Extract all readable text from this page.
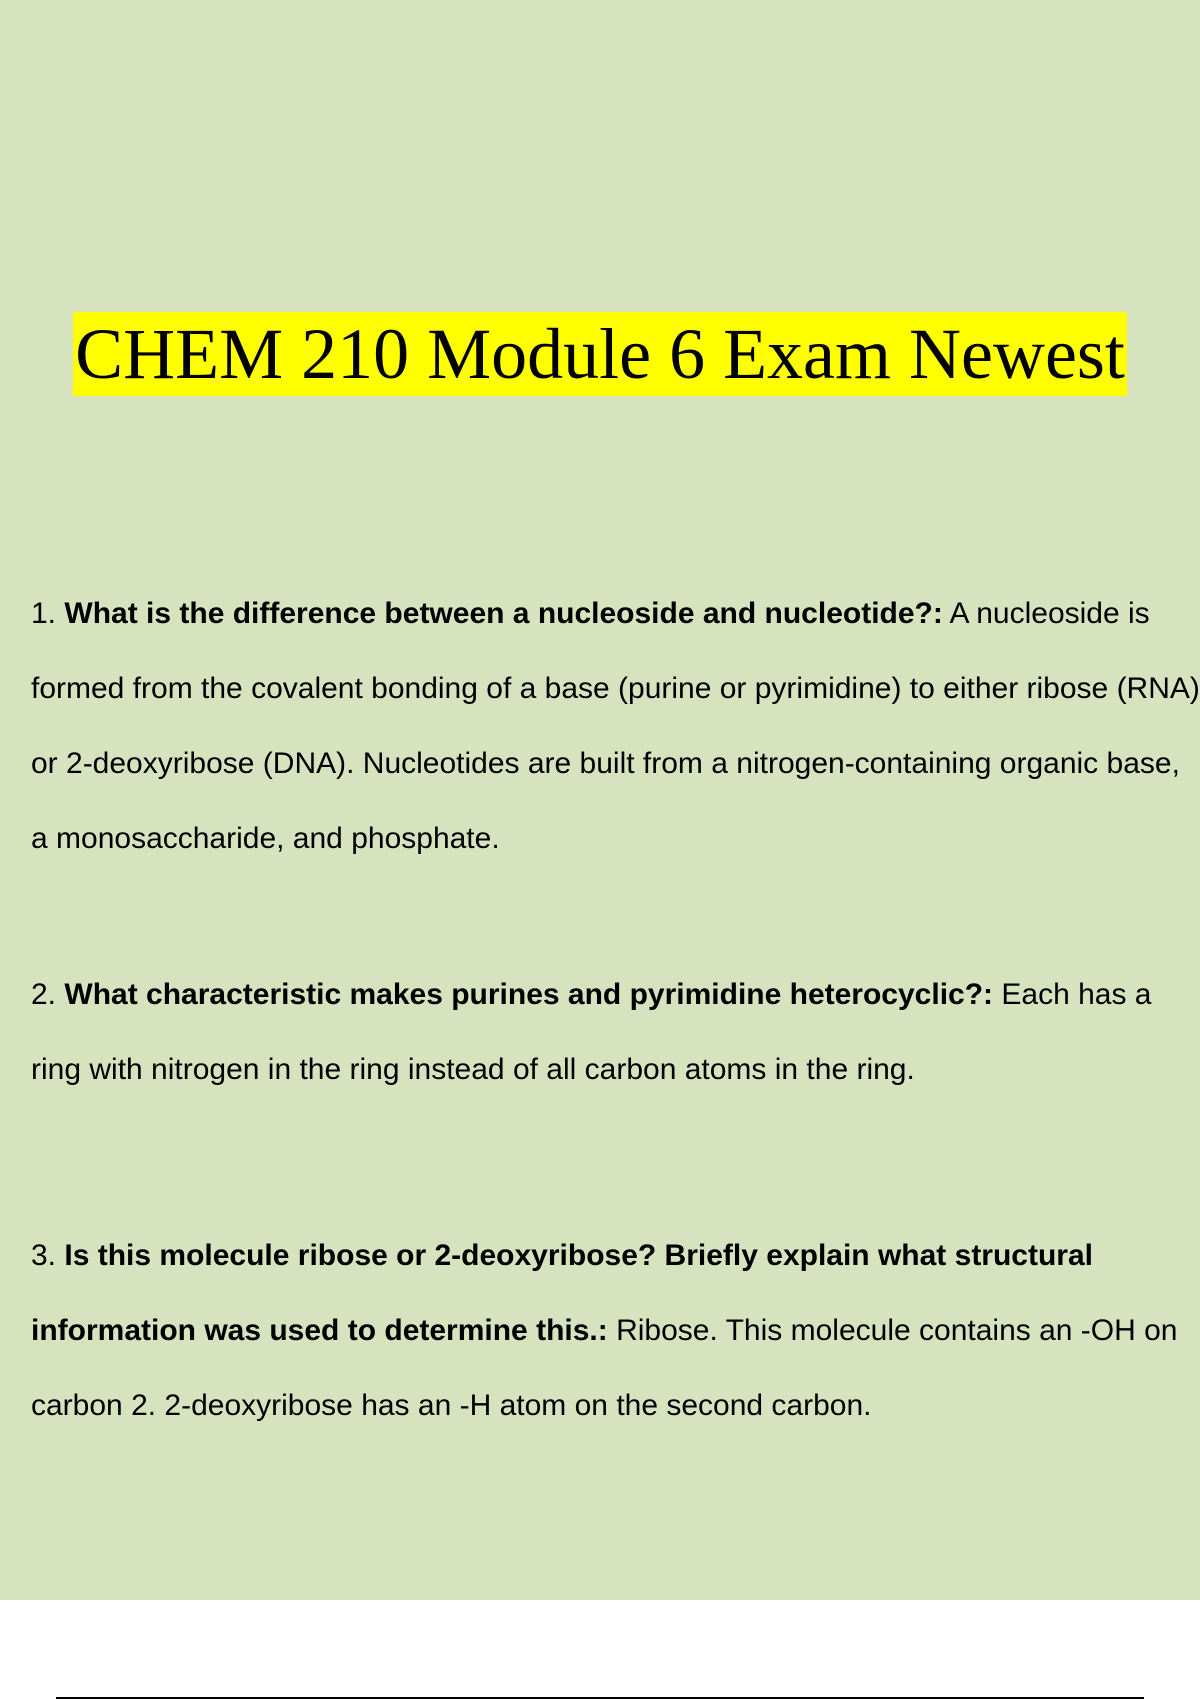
CHEM 210 Module 6 Exam Newest

1. What is the difference between a nucleoside and nucleotide?: A nucleoside is formed from the covalent bonding of a base (purine or pyrimidine) to either ribose (RNA) or 2-deoxyribose (DNA). Nucleotides are built from a nitrogen-containing organic base, a monosaccharide, and phosphate.

2. What characteristic makes purines and pyrimidine heterocyclic?: Each has a ring with nitrogen in the ring instead of all carbon atoms in the ring.

3. Is this molecule ribose or 2-deoxyribose? Briefly explain what structural information was used to determine this.: Ribose. This molecule contains an -OH on carbon 2. 2-deoxyribose has an -H atom on the second carbon.
